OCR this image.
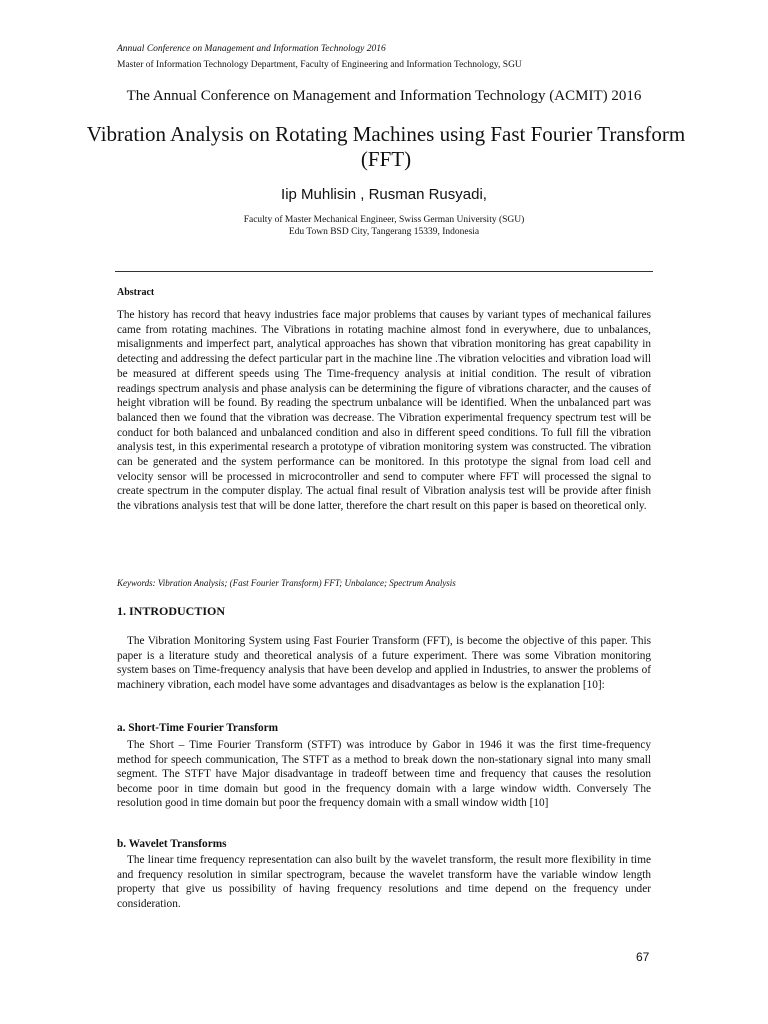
Annual Conference on Management and Information Technology 2016
Master of Information Technology Department, Faculty of Engineering and Information Technology, SGU
The Annual Conference on Management and Information Technology (ACMIT) 2016
Vibration Analysis on Rotating Machines using Fast Fourier Transform (FFT)
Iip Muhlisin , Rusman Rusyadi,
Faculty of Master Mechanical Engineer, Swiss German University (SGU)
Edu Town BSD City, Tangerang 15339, Indonesia
Abstract
The history has record that heavy industries face major problems that causes by variant types of mechanical failures came from rotating machines. The Vibrations in rotating machine almost fond in everywhere, due to unbalances, misalignments and imperfect part, analytical approaches has shown that vibration monitoring has great capability in detecting and addressing the defect particular part in the machine line .The vibration velocities and vibration load will be measured at different speeds using The Time-frequency analysis at initial condition. The result of vibration readings spectrum analysis and phase analysis can be determining the figure of vibrations character, and the causes of height vibration will be found. By reading the spectrum unbalance will be identified. When the unbalanced part was balanced then we found that the vibration was decrease. The Vibration experimental frequency spectrum test will be conduct for both balanced and unbalanced condition and also in different speed conditions. To full fill the vibration analysis test, in this experimental research a prototype of vibration monitoring system was constructed. The vibration can be generated and the system performance can be monitored. In this prototype the signal from load cell and velocity sensor will be processed in microcontroller and send to computer where FFT will processed the signal to create spectrum in the computer display. The actual final result of Vibration analysis test will be provide after finish the vibrations analysis test that will be done latter, therefore the chart result on this paper is based on theoretical only.
Keywords: Vibration Analysis; (Fast Fourier Transform) FFT; Unbalance; Spectrum Analysis
1. INTRODUCTION
The Vibration Monitoring System using Fast Fourier Transform (FFT), is become the objective of this paper. This paper is a literature study and theoretical analysis of a future experiment. There was some Vibration monitoring system bases on Time-frequency analysis that have been develop and applied in Industries, to answer the problems of machinery vibration, each model have some advantages and disadvantages as below is the explanation [10]:
a. Short-Time Fourier Transform
The Short – Time Fourier Transform (STFT) was introduce by Gabor in 1946 it was the first time-frequency method for speech communication, The STFT as a method to break down the non-stationary signal into many small segment. The STFT have Major disadvantage in tradeoff between time and frequency that causes the resolution become poor in time domain but good in the frequency domain with a large window width. Conversely The resolution good in time domain but poor the frequency domain with a small window width [10]
b. Wavelet Transforms
The linear time frequency representation can also built by the wavelet transform, the result more flexibility in time and frequency resolution in similar spectrogram, because the wavelet transform have the variable window length property that give us possibility of having frequency resolutions and time depend on the frequency under consideration.
67
